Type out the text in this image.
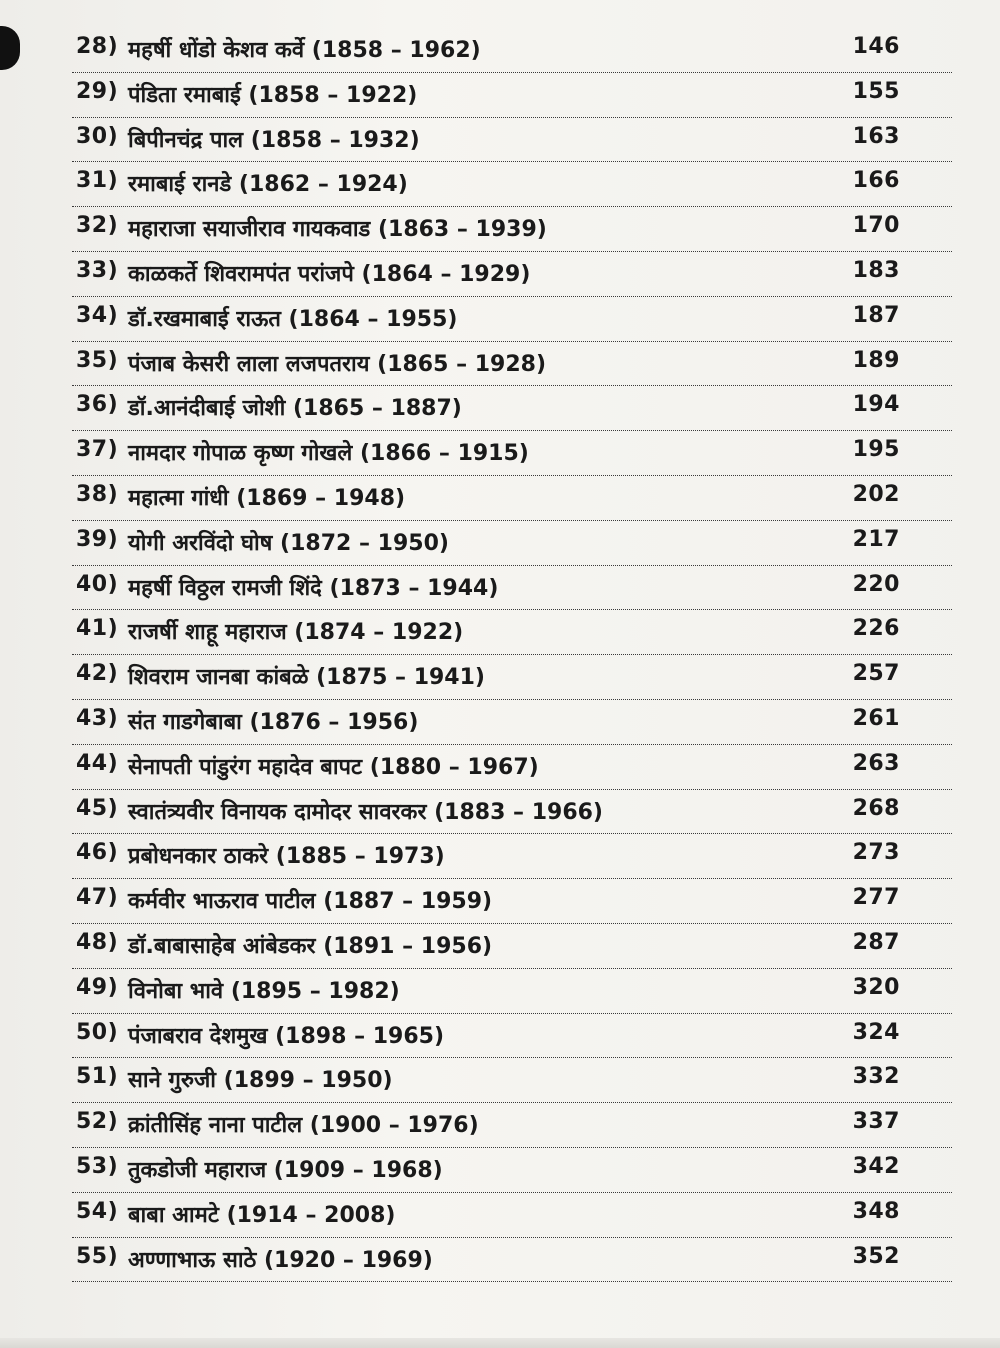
28) महर्षी धोंडो केशव कर्वे (1858 – 1962)	146
29) पंडिता रमाबाई (1858 – 1922)	155
30) बिपीनचंद्र पाल (1858 – 1932)	163
31) रमाबाई रानडे (1862 – 1924)	166
32) महाराजा सयाजीराव गायकवाड (1863 – 1939)	170
33) काळकर्ते शिवरामपंत परांजपे (1864 – 1929)	183
34) डॉ.रखमाबाई राऊत (1864 – 1955)	187
35) पंजाब केसरी लाला लजपतराय (1865 – 1928)	189
36) डॉ.आनंदीबाई जोशी (1865 – 1887)	194
37) नामदार गोपाळ कृष्ण गोखले (1866 – 1915)	195
38) महात्मा गांधी (1869 – 1948)	202
39) योगी अरविंदो घोष (1872 – 1950)	217
40) महर्षी विठ्ठल रामजी शिंदे (1873 – 1944)	220
41) राजर्षी शाहू महाराज (1874 – 1922)	226
42) शिवराम जानबा कांबळे (1875 – 1941)	257
43) संत गाडगेबाबा (1876 – 1956)	261
44) सेनापती पांडुरंग महादेव बापट (1880 – 1967)	263
45) स्वातंत्र्यवीर विनायक दामोदर सावरकर (1883 – 1966)	268
46) प्रबोधनकार ठाकरे (1885 – 1973)	273
47) कर्मवीर भाऊराव पाटील (1887 – 1959)	277
48) डॉ.बाबासाहेब आंबेडकर (1891 – 1956)	287
49) विनोबा भावे (1895 – 1982)	320
50) पंजाबराव देशमुख (1898 – 1965)	324
51) साने गुरुजी (1899 – 1950)	332
52) क्रांतीसिंह नाना पाटील (1900 – 1976)	337
53) तुकडोजी महाराज (1909 – 1968)	342
54) बाबा आमटे (1914 – 2008)	348
55) अण्णाभाऊ साठे (1920 – 1969)	352
